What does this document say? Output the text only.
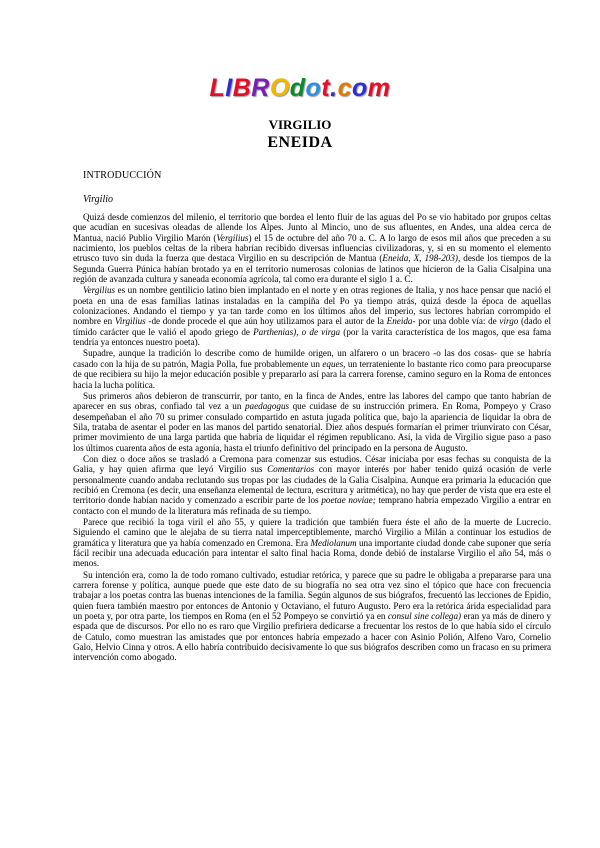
LIBROdot.com
VIRGILIO
ENEIDA
INTRODUCCIÓN
Virgilio

Quizá desde comienzos del milenio, el territorio que bordea el lento fluir de las aguas del Po se vio habitado por grupos celtas que acudían en sucesivas oleadas de allende los Alpes. Junto al Mincio, uno de sus afluentes, en Andes, una aldea cerca de Mantua, nació Publio Virgilio Marón (Vergilius) el 15 de octubre del año 70 a. C. A lo largo de esos mil años que preceden a su nacimiento, los pueblos celtas de la ribera habrían recibido diversas influencias civilizadoras, y, si en su momento el elemento etrusco tuvo sin duda la fuerza que destaca Virgilio en su descripción de Mantua (Eneida, X, 198-203), desde los tiempos de la Segunda Guerra Púnica habían brotado ya en el territorio numerosas colonias de latinos que hicieron de la Galia Cisalpina una región de avanzada cultura y saneada economía agrícola, tal como era durante el siglo 1 a. C.

Vergilius es un nombre gentilicio latino bien implantado en el norte y en otras regiones de Italia, y nos hace pensar que nació el poeta en una de esas familias latinas instaladas en la campiña del Po ya tiempo atrás, quizá desde la época de aquellas colonizaciones. Andando el tiempo y ya tan tarde como en los últimos años del imperio, sus lectores habrían corrompido el nombre en Virgilius -de donde procede el que aún hoy utilizamos para el autor de la Eneida- por una doble vía: de virgo (dado el tímido carácter que le valió el apodo griego de Parthenias), o de virga (por la varita característica de los magos, que esa fama tendría ya entonces nuestro poeta).

Supadre, aunque la tradición lo describe como de humilde origen, un alfarero o un bracero -o las dos cosas- que se habría casado con la hija de su patrón, Magia Polla, fue probablemente un eques, un terrateniente lo bastante rico como para preocuparse de que recibiera su hijo la mejor educación posible y prepararlo así para la carrera forense, camino seguro en la Roma de entonces hacia la lucha política.

Sus primeros años debieron de transcurrir, por tanto, en la finca de Andes, entre las labores del campo que tanto habrían de aparecer en sus obras, confiado tal vez a un paedagogus que cuidase de su instrucción primera. En Roma, Pompeyo y Craso desempeñaban el año 70 su primer consulado compartido en astuta jugada política que, bajo la apariencia de liquidar la obra de Sila, trataba de asentar el poder en las manos del partido senatorial. Diez años después formarían el primer triunvirato con César, primer movimiento de una larga partida que habría de liquidar el régimen republicano. Así, la vida de Virgilio sigue paso a paso los últimos cuarenta años de esta agonía, hasta el triunfo definitivo del principado en la persona de Augusto.

Con diez o doce años se trasladó a Cremona para comenzar sus estudios. César iniciaba por esas fechas su conquista de la Galia, y hay quien afirma que leyó Virgilio sus Comentarios con mayor interés por haber tenido quizá ocasión de verle personalmente cuando andaba reclutando sus tropas por las ciudades de la Galia Cisalpina. Aunque era primaria la educación que recibió en Cremona (es decir, una enseñanza elemental de lectura, escritura y aritmética), no hay que perder de vista que era este el territorio donde habían nacido y comenzado a escribir parte de los poetae noviae; temprano habría empezado Virgilio a entrar en contacto con el mundo de la literatura más refinada de su tiempo.

Parece que recibió la toga viril el año 55, y quiere la tradición que también fuera éste el año de la muerte de Lucrecio. Siguiendo el camino que le alejaba de su tierra natal imperceptiblemente, marchó Virgilio a Milán a continuar los estudios de gramática y literatura que ya había comenzado en Cremona. Era Mediolanum una importante ciudad donde cabe suponer que sería fácil recibir una adecuada educación para intentar el salto final hacia Roma, donde debió de instalarse Virgilio el año 54, más o menos.

Su intención era, como la de todo romano cultivado, estudiar retórica, y parece que su padre le obligaba a prepararse para una carrera forense y política, aunque puede que este dato de su biografía no sea otra vez sino el tópico que hace con frecuencia trabajar a los poetas contra las buenas intenciones de la familia. Según algunos de sus biógrafos, frecuentó las lecciones de Epidio, quien fuera también maestro por entonces de Antonio y Octaviano, el futuro Augusto. Pero era la retórica árida especialidad para un poeta y, por otra parte, los tiempos en Roma (en el 52 Pompeyo se convirtió ya en consul sine collega) eran ya más de dinero y espada que de discursos. Por ello no es raro que Virgilio prefiriera dedicarse a frecuentar los restos de lo que había sido el círculo de Catulo, como muestran las amistades que por entonces habría empezado a hacer con Asinio Polión, Alfeno Varo, Cornelio Galo, Helvio Cinna y otros. A ello habría contribuido decisivamente lo que sus biógrafos describen como un fracaso en su primera intervención como abogado.
